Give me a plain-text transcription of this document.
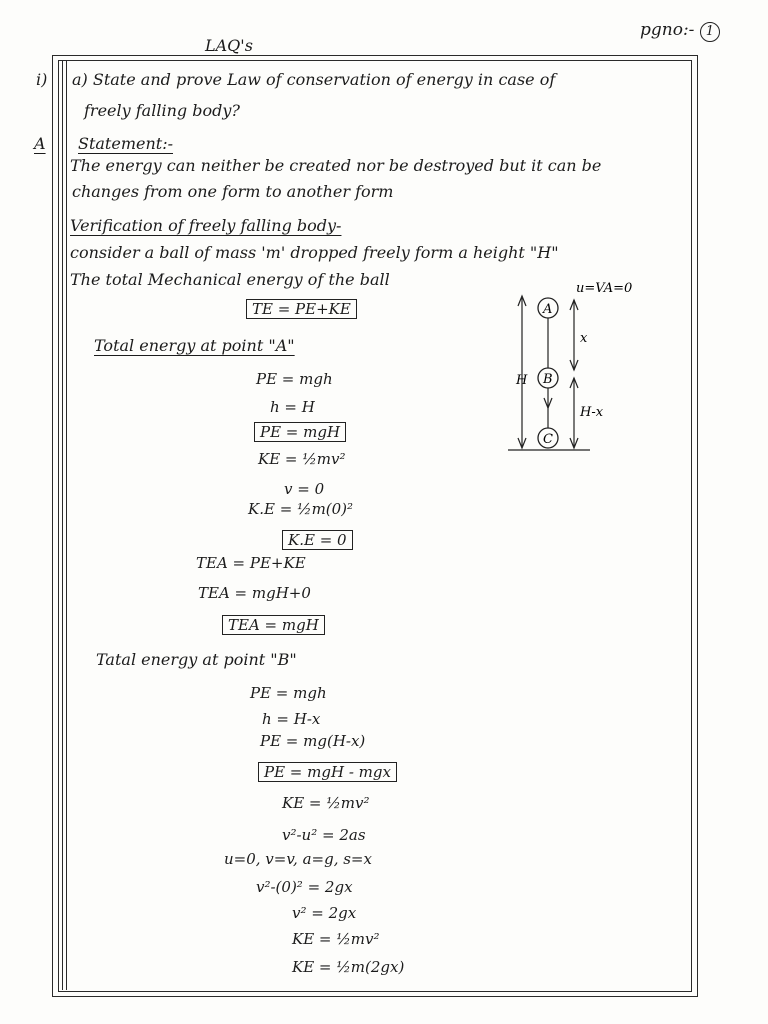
pgno:- 1
LAQ's
i) a) State and prove Law of conservation of energy in case of
freely falling body?
A Statement:-
The energy can neither be created nor be destroyed but it can be
changes from one form to another form
Verification of freely falling body-
consider a ball of mass 'm' dropped freely form a height "H"
The total Mechanical energy of the ball
TE = PE+KE
Total energy at point "A"
PE = mgh
h = H
PE = mgH
KE = ½mv²
v = 0
K.E = ½m(0)²
K.E = 0
TEA = PE+KE
TEA = mgH+0
TEA = mgH
Tatal energy at point "B"
PE = mgh
h = H-x
PE = mg(H-x)
PE = mgH - mgx
KE = ½mv²
v²-u² = 2as
u=0, v=v, a=g, s=x
v²-(0)² = 2gx
v² = 2gx
KE = ½mv²
KE = ½m(2gx)
A
B
C
u=VA=0
H
x
H-x
